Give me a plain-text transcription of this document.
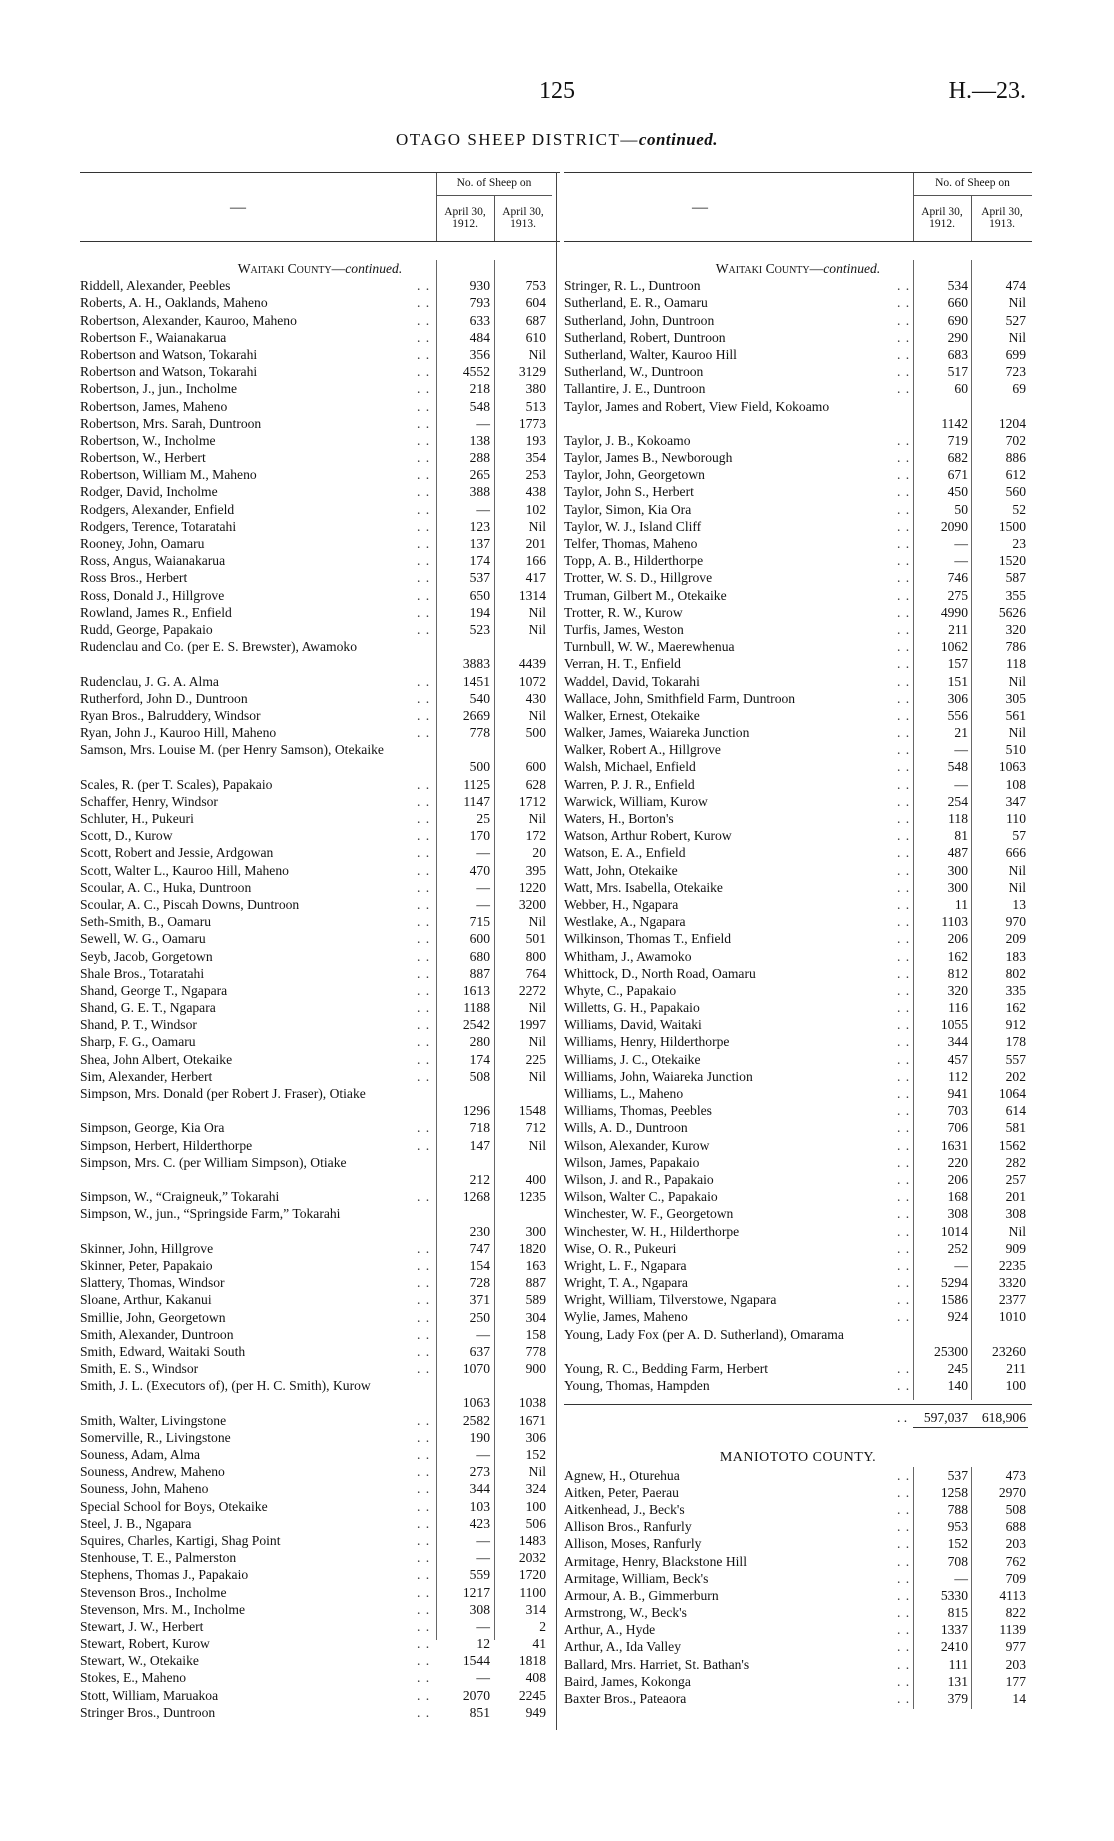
125	H.—23.
OTAGO SHEEP DISTRICT—continued.
—
No. of Sheep on
April 30, 1912.
April 30, 1913.
Waitaki County—continued.
Riddell, Alexander, Peebles	. .	930	753
Roberts, A. H., Oaklands, Maheno	. .	793	604
Robertson, Alexander, Kauroo, Maheno	. .	633	687
Robertson F., Waianakarua	. .	484	610
Robertson and Watson, Tokarahi	. .	356	Nil
Robertson and Watson, Tokarahi	. .	4552	3129
Robertson, J., jun., Incholme	. .	218	380
Robertson, James, Maheno	. .	548	513
Robertson, Mrs. Sarah, Duntroon	. .	—	1773
Robertson, W., Incholme	. .	138	193
Robertson, W., Herbert	. .	288	354
Robertson, William M., Maheno	. .	265	253
Rodger, David, Incholme	. .	388	438
Rodgers, Alexander, Enfield	. .	—	102
Rodgers, Terence, Totaratahi	. .	123	Nil
Rooney, John, Oamaru	. .	137	201
Ross, Angus, Waianakarua	. .	174	166
Ross Bros., Herbert	. .	537	417
Ross, Donald J., Hillgrove	. .	650	1314
Rowland, James R., Enfield	. .	194	Nil
Rudd, George, Papakaio	. .	523	Nil
Rudenclau and Co. (per E. S. Brewster), Awamoko
3883	4439
Rudenclau, J. G. A. Alma	. .	1451	1072
Rutherford, John D., Duntroon	. .	540	430
Ryan Bros., Balruddery, Windsor	. .	2669	Nil
Ryan, John J., Kauroo Hill, Maheno	. .	778	500
Samson, Mrs. Louise M. (per Henry Samson), Otekaike
500	600
Scales, R. (per T. Scales), Papakaio	. .	1125	628
Schaffer, Henry, Windsor	. .	1147	1712
Schluter, H., Pukeuri	. .	25	Nil
Scott, D., Kurow	. .	170	172
Scott, Robert and Jessie, Ardgowan	. .	—	20
Scott, Walter L., Kauroo Hill, Maheno	. .	470	395
Scoular, A. C., Huka, Duntroon	. .	—	1220
Scoular, A. C., Piscah Downs, Duntroon	. .	—	3200
Seth-Smith, B., Oamaru	. .	715	Nil
Sewell, W. G., Oamaru	. .	600	501
Seyb, Jacob, Gorgetown	. .	680	800
Shale Bros., Totaratahi	. .	887	764
Shand, George T., Ngapara	. .	1613	2272
Shand, G. E. T., Ngapara	. .	1188	Nil
Shand, P. T., Windsor	. .	2542	1997
Sharp, F. G., Oamaru	. .	280	Nil
Shea, John Albert, Otekaike	. .	174	225
Sim, Alexander, Herbert	. .	508	Nil
Simpson, Mrs. Donald (per Robert J. Fraser), Otiake
1296	1548
Simpson, George, Kia Ora	. .	718	712
Simpson, Herbert, Hilderthorpe	. .	147	Nil
Simpson, Mrs. C. (per William Simpson), Otiake
212	400
Simpson, W., “Craigneuk,” Tokarahi	. .	1268	1235
Simpson, W., jun., “Springside Farm,” Tokarahi
230	300
Skinner, John, Hillgrove	. .	747	1820
Skinner, Peter, Papakaio	. .	154	163
Slattery, Thomas, Windsor	. .	728	887
Sloane, Arthur, Kakanui	. .	371	589
Smillie, John, Georgetown	. .	250	304
Smith, Alexander, Duntroon	. .	—	158
Smith, Edward, Waitaki South	. .	637	778
Smith, E. S., Windsor	. .	1070	900
Smith, J. L. (Executors of), (per H. C. Smith), Kurow
1063	1038
Smith, Walter, Livingstone	. .	2582	1671
Somerville, R., Livingstone	. .	190	306
Souness, Adam, Alma	. .	—	152
Souness, Andrew, Maheno	. .	273	Nil
Souness, John, Maheno	. .	344	324
Special School for Boys, Otekaike	. .	103	100
Steel, J. B., Ngapara	. .	423	506
Squires, Charles, Kartigi, Shag Point	. .	—	1483
Stenhouse, T. E., Palmerston	. .	—	2032
Stephens, Thomas J., Papakaio	. .	559	1720
Stevenson Bros., Incholme	. .	1217	1100
Stevenson, Mrs. M., Incholme	. .	308	314
Stewart, J. W., Herbert	. .	—	2
Stewart, Robert, Kurow	. .	12	41
Stewart, W., Otekaike	. .	1544	1818
Stokes, E., Maheno	. .	—	408
Stott, William, Maruakoa	. .	2070	2245
Stringer Bros., Duntroon	. .	851	949
—
No. of Sheep on
April 30, 1912.
April 30, 1913.
Waitaki County—continued.
Stringer, R. L., Duntroon	. .	534	474
Sutherland, E. R., Oamaru	. .	660	Nil
Sutherland, John, Duntroon	. .	690	527
Sutherland, Robert, Duntroon	. .	290	Nil
Sutherland, Walter, Kauroo Hill	. .	683	699
Sutherland, W., Duntroon	. .	517	723
Tallantire, J. E., Duntroon	. .	60	69
Taylor, James and Robert, View Field, Kokoamo
1142	1204
Taylor, J. B., Kokoamo	. .	719	702
Taylor, James B., Newborough	. .	682	886
Taylor, John, Georgetown	. .	671	612
Taylor, John S., Herbert	. .	450	560
Taylor, Simon, Kia Ora	. .	50	52
Taylor, W. J., Island Cliff	. .	2090	1500
Telfer, Thomas, Maheno	. .	—	23
Topp, A. B., Hilderthorpe	. .	—	1520
Trotter, W. S. D., Hillgrove	. .	746	587
Truman, Gilbert M., Otekaike	. .	275	355
Trotter, R. W., Kurow	. .	4990	5626
Turfis, James, Weston	. .	211	320
Turnbull, W. W., Maerewhenua	. .	1062	786
Verran, H. T., Enfield	. .	157	118
Waddel, David, Tokarahi	. .	151	Nil
Wallace, John, Smithfield Farm, Duntroon	. .	306	305
Walker, Ernest, Otekaike	. .	556	561
Walker, James, Waiareka Junction	. .	21	Nil
Walker, Robert A., Hillgrove	. .	—	510
Walsh, Michael, Enfield	. .	548	1063
Warren, P. J. R., Enfield	. .	—	108
Warwick, William, Kurow	. .	254	347
Waters, H., Borton's	. .	118	110
Watson, Arthur Robert, Kurow	. .	81	57
Watson, E. A., Enfield	. .	487	666
Watt, John, Otekaike	. .	300	Nil
Watt, Mrs. Isabella, Otekaike	. .	300	Nil
Webber, H., Ngapara	. .	11	13
Westlake, A., Ngapara	. .	1103	970
Wilkinson, Thomas T., Enfield	. .	206	209
Whitham, J., Awamoko	. .	162	183
Whittock, D., North Road, Oamaru	. .	812	802
Whyte, C., Papakaio	. .	320	335
Willetts, G. H., Papakaio	. .	116	162
Williams, David, Waitaki	. .	1055	912
Williams, Henry, Hilderthorpe	. .	344	178
Williams, J. C., Otekaike	. .	457	557
Williams, John, Waiareka Junction	. .	112	202
Williams, L., Maheno	. .	941	1064
Williams, Thomas, Peebles	. .	703	614
Wills, A. D., Duntroon	. .	706	581
Wilson, Alexander, Kurow	. .	1631	1562
Wilson, James, Papakaio	. .	220	282
Wilson, J. and R., Papakaio	. .	206	257
Wilson, Walter C., Papakaio	. .	168	201
Winchester, W. F., Georgetown	. .	308	308
Winchester, W. H., Hilderthorpe	. .	1014	Nil
Wise, O. R., Pukeuri	. .	252	909
Wright, L. F., Ngapara	. .	—	2235
Wright, T. A., Ngapara	. .	5294	3320
Wright, William, Tilverstowe, Ngapara	. .	1586	2377
Wylie, James, Maheno	. .	924	1010
Young, Lady Fox (per A. D. Sutherland), Omarama
25300	23260
Young, R. C., Bedding Farm, Herbert	. .	245	211
Young, Thomas, Hampden	. .	140	100
. . 597,037 618,906
MANIOTOTO COUNTY.
Agnew, H., Oturehua	. .	537	473
Aitken, Peter, Paerau	. .	1258	2970
Aitkenhead, J., Beck's	. .	788	508
Allison Bros., Ranfurly	. .	953	688
Allison, Moses, Ranfurly	. .	152	203
Armitage, Henry, Blackstone Hill	. .	708	762
Armitage, William, Beck's	. .	—	709
Armour, A. B., Gimmerburn	. .	5330	4113
Armstrong, W., Beck's	. .	815	822
Arthur, A., Hyde	. .	1337	1139
Arthur, A., Ida Valley	. .	2410	977
Ballard, Mrs. Harriet, St. Bathan's	. .	111	203
Baird, James, Kokonga	. .	131	177
Baxter Bros., Pateaora	. .	379	14
